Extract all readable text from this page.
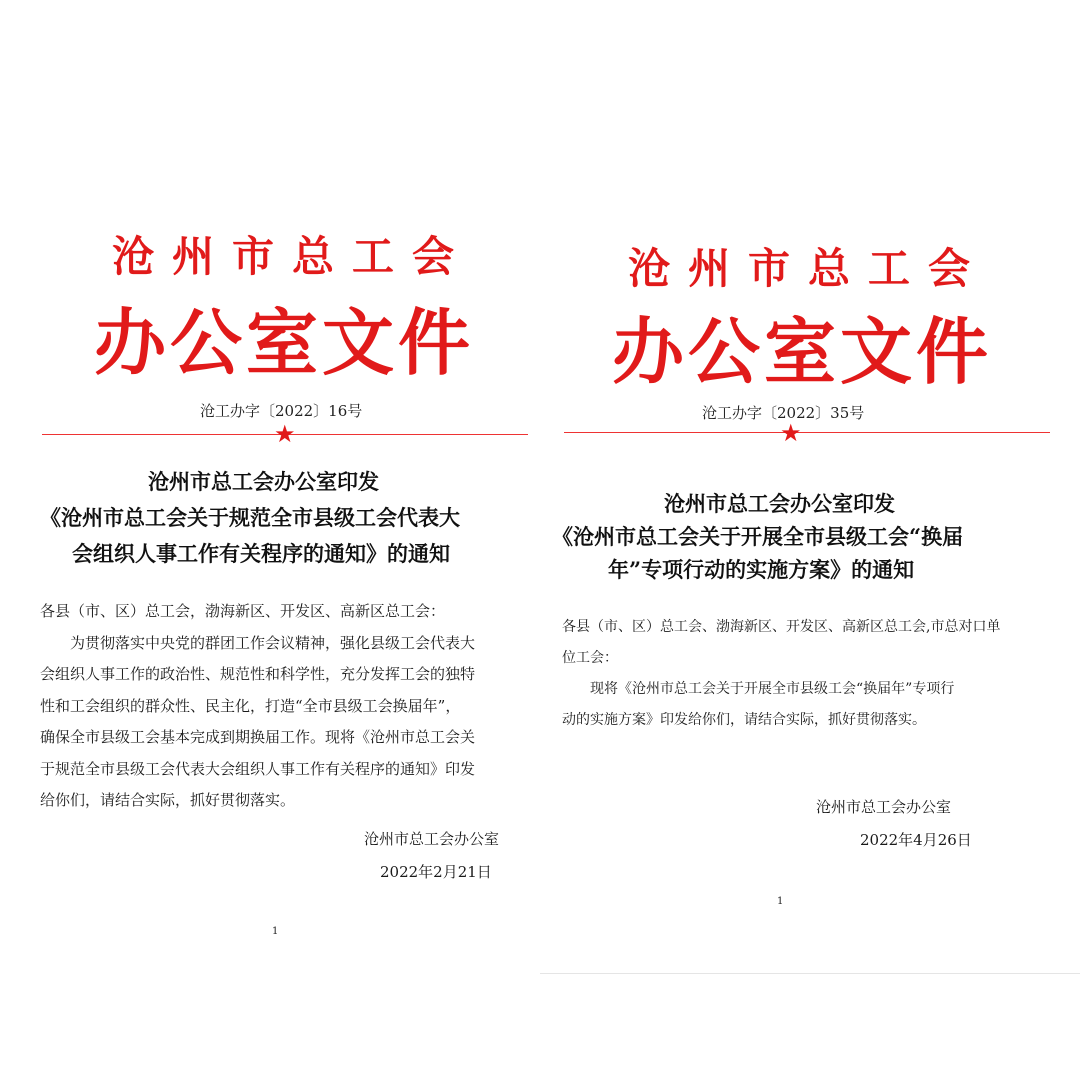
沧州市总工会
办公室文件
沧工办字〔2022〕16号
★
沧州市总工会办公室印发
《沧州市总工会关于规范全市县级工会代表大
会组织人事工作有关程序的通知》的通知

各县（市、区）总工会，渤海新区、开发区、高新区总工会：

为贯彻落实中央党的群团工作会议精神，强化县级工会代表大

会组织人事工作的政治性、规范性和科学性，充分发挥工会的独特

性和工会组织的群众性、民主化，打造“全市县级工会换届年”，

确保全市县级工会基本完成到期换届工作。现将《沧州市总工会关

于规范全市县级工会代表大会组织人事工作有关程序的通知》印发

给你们，请结合实际，抓好贯彻落实。

沧州市总工会办公室
2022年2月21日
1
沧州市总工会
办公室文件
沧工办字〔2022〕35号
★
沧州市总工会办公室印发
《沧州市总工会关于开展全市县级工会“换届
年”专项行动的实施方案》的通知

各县（市、区）总工会、渤海新区、开发区、高新区总工会,市总对口单

位工会：

现将《沧州市总工会关于开展全市县级工会“换届年”专项行

动的实施方案》印发给你们，请结合实际，抓好贯彻落实。

沧州市总工会办公室
2022年4月26日
1
